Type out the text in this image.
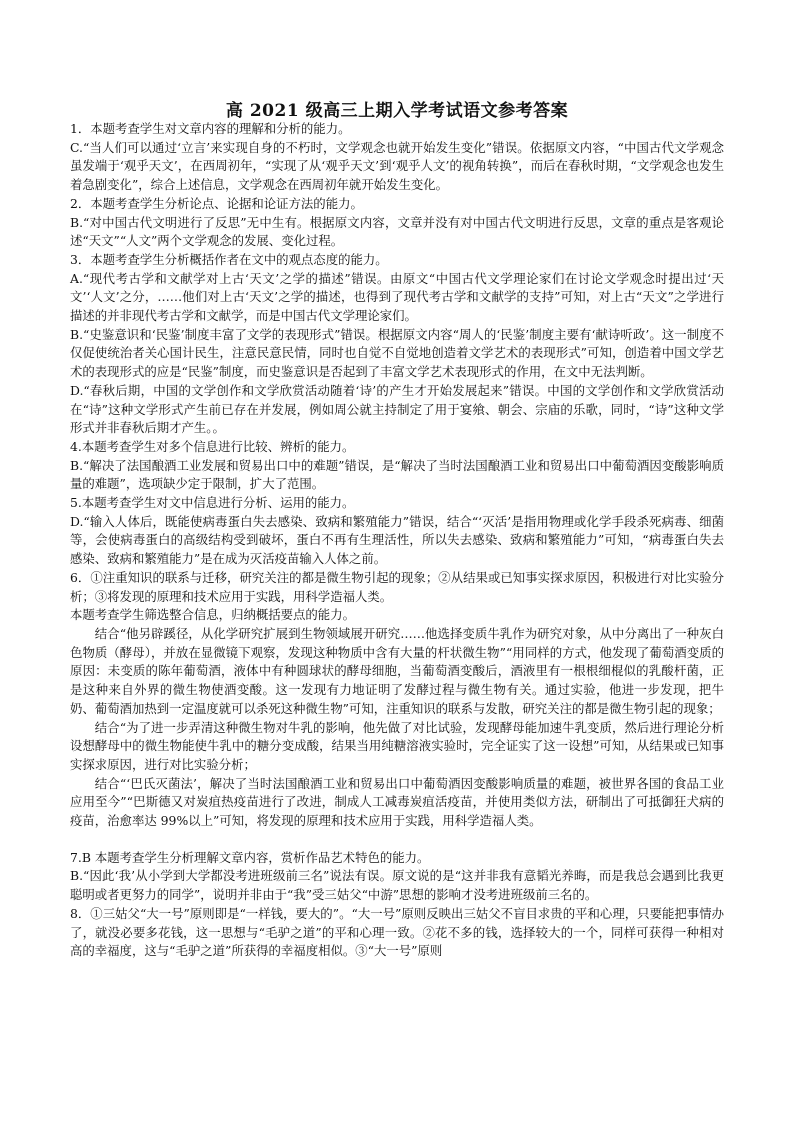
高 2021 级高三上期入学考试语文参考答案

1．本题考查学生对文章内容的理解和分析的能力。

C.“当人们可以通过‘立言’来实现自身的不朽时，文学观念也就开始发生变化”错误。依据原文内容，“中国古代文学观念虽发端于‘观乎天文’，在西周初年，“实现了从‘观乎天文’到‘观乎人文’的视角转换”，而后在春秋时期，“文学观念也发生着急剧变化”，综合上述信息，文学观念在西周初年就开始发生变化。

2．本题考查学生分析论点、论据和论证方法的能力。

B.“对中国古代文明进行了反思”无中生有。根据原文内容，文章并没有对中国古代文明进行反思，文章的重点是客观论述“天文”“人文”两个文学观念的发展、变化过程。

3．本题考查学生分析概括作者在文中的观点态度的能力。

A.“现代考古学和文献学对上古‘天文’之学的描述”错误。由原文“中国古代文学理论家们在讨论文学观念时提出过‘天文’‘人文’之分，……他们对上古‘天文’之学的描述，也得到了现代考古学和文献学的支持”可知，对上古“天文”之学进行描述的并非现代考古学和文献学，而是中国古代文学理论家们。

B.“史鉴意识和‘民鉴’制度丰富了文学的表现形式”错误。根据原文内容“周人的‘民鉴’制度主要有‘献诗听政’。这一制度不仅促使统治者关心国计民生，注意民意民情，同时也自觉不自觉地创造着文学艺术的表现形式”可知，创造着中国文学艺术的表现形式的应是“民鉴”制度，而史鉴意识是否起到了丰富文学艺术表现形式的作用，在文中无法判断。

D.“春秋后期，中国的文学创作和文学欣赏活动随着‘诗’的产生才开始发展起来”错误。中国的文学创作和文学欣赏活动在“诗”这种文学形式产生前已存在并发展，例如周公就主持制定了用于宴飨、朝会、宗庙的乐歌，同时，“诗”这种文学形式并非春秋后期才产生。。

4.本题考查学生对多个信息进行比较、辨析的能力。

B.“解决了法国酿酒工业发展和贸易出口中的难题”错误，是“解决了当时法国酿酒工业和贸易出口中葡萄酒因变酸影响质量的难题”，选项缺少定于限制，扩大了范围。

5.本题考查学生对文中信息进行分析、运用的能力。

D.“输入人体后，既能使病毒蛋白失去感染、致病和繁殖能力”错误，结合“‘灭活’是指用物理或化学手段杀死病毒、细菌等，会使病毒蛋白的高级结构受到破坏，蛋白不再有生理活性，所以失去感染、致病和繁殖能力”可知，“病毒蛋白失去感染、致病和繁殖能力”是在成为灭活疫苗输入人体之前。

6．①注重知识的联系与迁移，研究关注的都是微生物引起的现象；②从结果或已知事实探求原因，积极进行对比实验分析；③将发现的原理和技术应用于实践，用科学造福人类。

本题考查学生筛选整合信息，归纳概括要点的能力。

结合“他另辟蹊径，从化学研究扩展到生物领域展开研究……他选择变质牛乳作为研究对象，从中分离出了一种灰白色物质（酵母），并放在显微镜下观察，发现这种物质中含有大量的杆状微生物”“用同样的方式，他发现了葡萄酒变质的原因：未变质的陈年葡萄酒，液体中有种圆球状的酵母细胞，当葡萄酒变酸后，酒液里有一根根细棍似的乳酸杆菌，正是这种来自外界的微生物使酒变酸。这一发现有力地证明了发酵过程与微生物有关。通过实验，他进一步发现，把牛奶、葡萄酒加热到一定温度就可以杀死这种微生物”可知，注重知识的联系与发散，研究关注的都是微生物引起的现象；

结合“为了进一步弄清这种微生物对牛乳的影响，他先做了对比试验，发现酵母能加速牛乳变质，然后进行理论分析设想酵母中的微生物能使牛乳中的糖分变成酸，结果当用纯糖溶液实验时，完全证实了这一设想”可知，从结果或已知事实探求原因，进行对比实验分析；

结合“‘巴氏灭菌法’，解决了当时法国酿酒工业和贸易出口中葡萄酒因变酸影响质量的难题，被世界各国的食品工业应用至今”“巴斯德又对炭疽热疫苗进行了改进，制成人工减毒炭疽活疫苗，并使用类似方法，研制出了可抵御狂犬病的疫苗，治愈率达 99%以上”可知，将发现的原理和技术应用于实践，用科学造福人类。

7.B 本题考查学生分析理解文章内容，赏析作品艺术特色的能力。

B.“因此‘我’从小学到大学都没考进班级前三名”说法有误。原文说的是“这并非我有意韬光养晦，而是我总会遇到比我更聪明或者更努力的同学”，说明并非由于“我”受三姑父“中游”思想的影响才没考进班级前三名的。

8．①三姑父“大一号”原则即是“一样钱，要大的”。“大一号”原则反映出三姑父不盲目求贵的平和心理，只要能把事情办了，就没必要多花钱，这一思想与“毛驴之道”的平和心理一致。②花不多的钱，选择较大的一个，同样可获得一种相对高的幸福度，这与“毛驴之道”所获得的幸福度相似。③“大一号”原则
